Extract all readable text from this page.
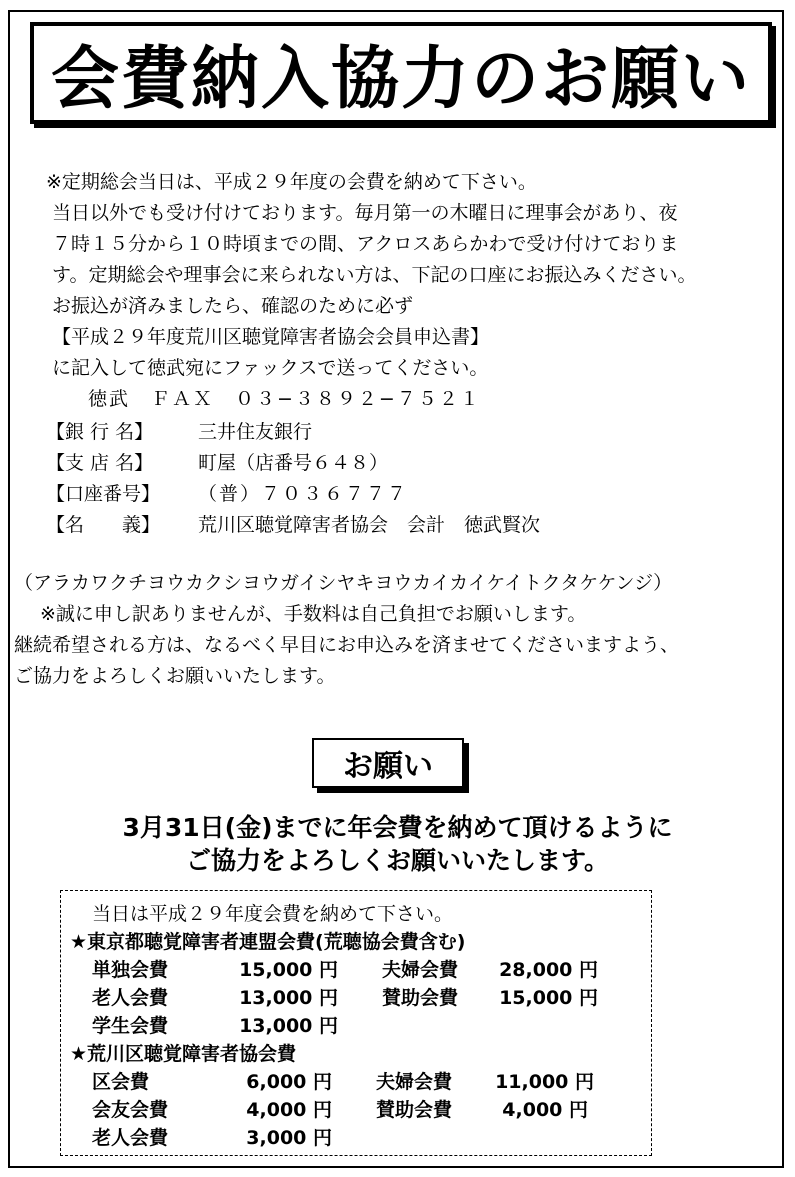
会費納入協力のお願い
※定期総会当日は、平成２９年度の会費を納めて下さい。
当日以外でも受け付けております。毎月第一の木曜日に理事会があり、夜
７時１５分から１０時頃までの間、アクロスあらかわで受け付けておりま
す。定期総会や理事会に来られない方は、下記の口座にお振込みください。
お振込が済みましたら、確認のために必ず
【平成２９年度荒川区聴覚障害者協会会員申込書】
に記入して徳武宛にファックスで送ってください。
徳武　ＦＡＸ　０３−３８９２−７５２１
【銀 行 名】 三井住友銀行
【支 店 名】 町屋（店番号６４８）
【口座番号】 （普）７０３６７７７
【名　　義】 荒川区聴覚障害者協会　会計　徳武賢次
（アラカワクチヨウカクシヨウガイシヤキヨウカイカイケイトクタケケンジ）
※誠に申し訳ありませんが、手数料は自己負担でお願いします。
継続希望される方は、なるべく早目にお申込みを済ませてくださいますよう、
ご協力をよろしくお願いいたします。
お願い
3月31日(金)までに年会費を納めて頂けるように
ご協力をよろしくお願いいたします。
当日は平成２９年度会費を納めて下さい。
★東京都聴覚障害者連盟会費(荒聴協会費含む)
単独会費	15,000 円 夫婦会費	28,000 円
老人会費	13,000 円 賛助会費	15,000 円
学生会費	13,000 円
★荒川区聴覚障害者協会費
区会費	6,000 円 夫婦会費	11,000 円
会友会費	4,000 円 賛助会費	4,000 円
老人会費	3,000 円
